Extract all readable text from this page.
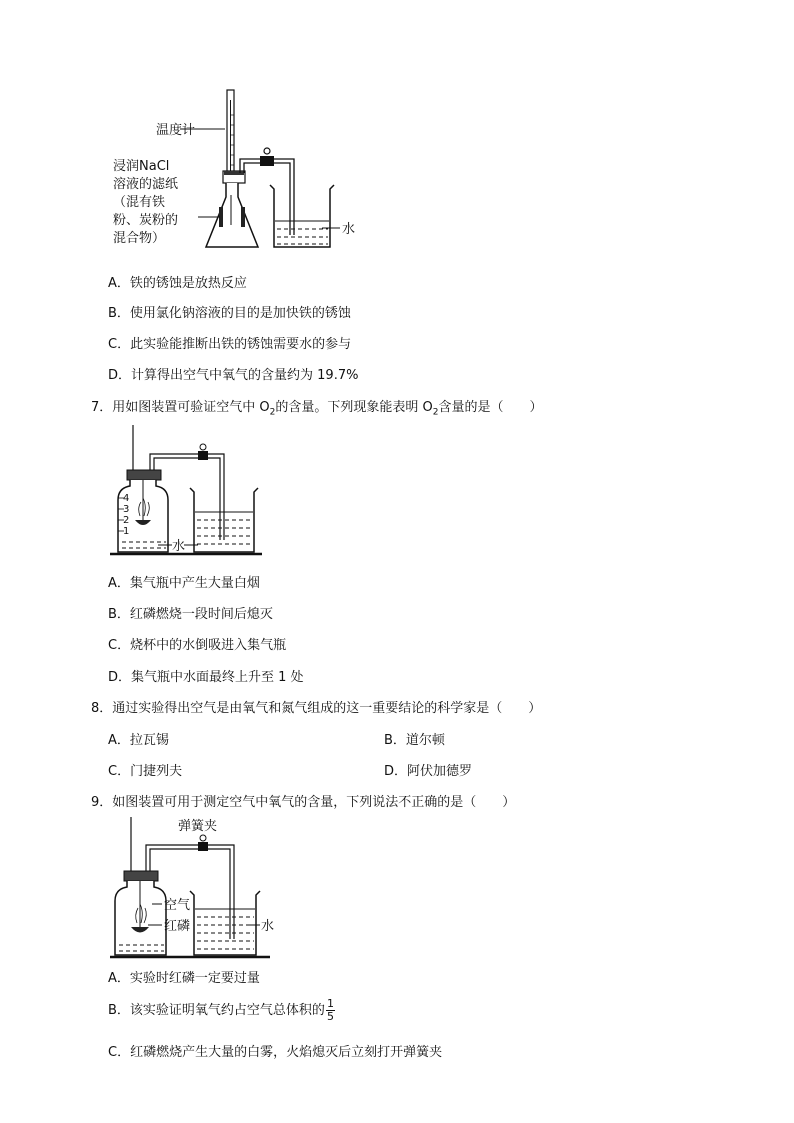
温度计
浸润NaCl
溶液的滤纸
（混有铁
粉、炭粉的
混合物）
水
A．铁的锈蚀是放热反应
B．使用氯化钠溶液的目的是加快铁的锈蚀
C．此实验能推断出铁的锈蚀需要水的参与
D．计算得出空气中氧气的含量约为 19.7%
7．用如图装置可验证空气中 $O_2$的含量。下列现象能表明 $O_2$含量的是（　　）
4
3
2
1
水
A．集气瓶中产生大量白烟
B．红磷燃烧一段时间后熄灭
C．烧杯中的水倒吸进入集气瓶
D．集气瓶中水面最终上升至 1 处
8．通过实验得出空气是由氧气和氮气组成的这一重要结论的科学家是（　　）
A．拉瓦锡	B．道尔顿
C．门捷列夫	D．阿伏加德罗
9．如图装置可用于测定空气中氧气的含量，下列说法不正确的是（　　）
空气
红磷
弹簧夹
水
A．实验时红磷一定要过量
B．该实验证明氧气约占空气总体积的 $\frac{1}{5}$
C．红磷燃烧产生大量的白雾，火焰熄灭后立刻打开弹簧夹
